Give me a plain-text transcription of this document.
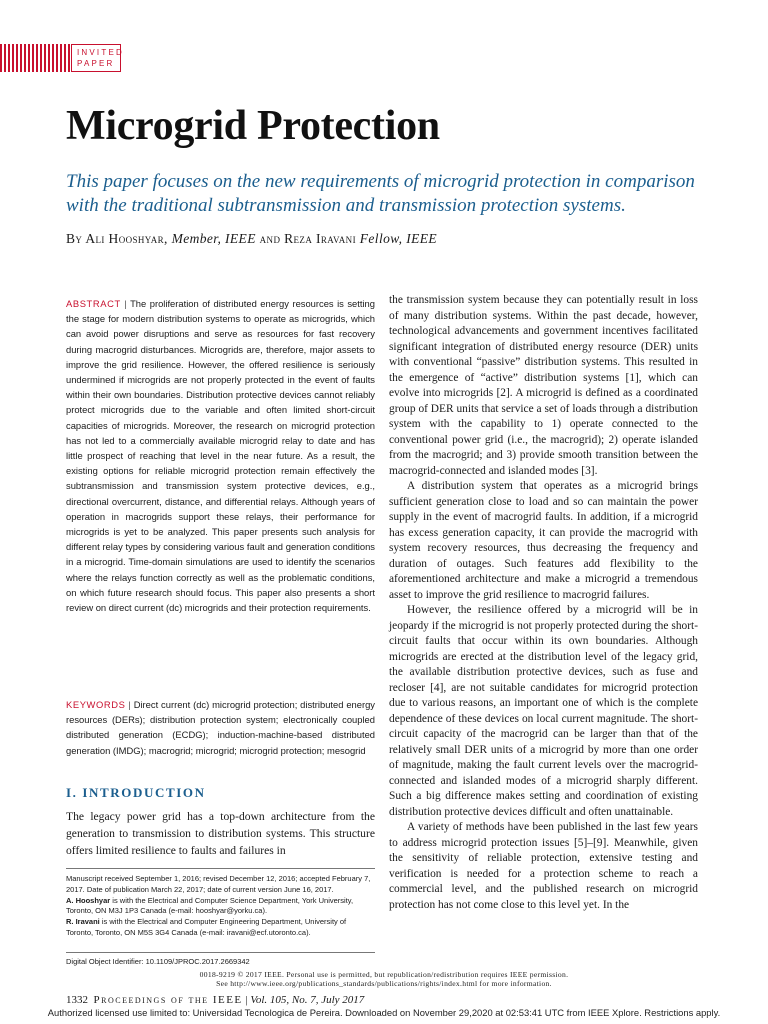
INVITED
PAPER
Microgrid Protection
This paper focuses on the new requirements of microgrid protection in comparison with the traditional subtransmission and transmission protection systems.
By Ali Hooshyar, Member, IEEE and Reza Iravani Fellow, IEEE
ABSTRACT | The proliferation of distributed energy resources is setting the stage for modern distribution systems to operate as microgrids, which can avoid power disruptions and serve as resources for fast recovery during macrogrid disturbances. Microgrids are, therefore, major assets to improve the grid resilience. However, the offered resilience is seriously undermined if microgrids are not properly protected in the event of faults within their own boundaries. Distribution protective devices cannot reliably protect microgrids due to the variable and often limited short-circuit capacities of microgrids. Moreover, the research on microgrid protection has not led to a commercially available microgrid relay to date and has little prospect of reaching that level in the near future. As a result, the existing options for reliable microgrid protection remain effectively the subtransmission and transmission system protective devices, e.g., directional overcurrent, distance, and differential relays. Although years of operation in macrogrids support these relays, their performance for microgrids is yet to be analyzed. This paper presents such analysis for different relay types by considering various fault and generation conditions in a microgrid. Time-domain simulations are used to identify the scenarios where the relays function correctly as well as the problematic conditions, on which future research should focus. This paper also presents a short review on direct current (dc) microgrids and their protection requirements.
KEYWORDS | Direct current (dc) microgrid protection; distributed energy resources (DERs); distribution protection system; electronically coupled distributed generation (ECDG); induction-machine-based distributed generation (IMDG); macrogrid; microgrid; microgrid protection; mesogrid
I. INTRODUCTION
The legacy power grid has a top-down architecture from the generation to transmission to distribution systems. This structure offers limited resilience to faults and failures in
Manuscript received September 1, 2016; revised December 12, 2016; accepted February 7, 2017. Date of publication March 22, 2017; date of current version June 16, 2017.
A. Hooshyar is with the Electrical and Computer Science Department, York University, Toronto, ON M3J 1P3 Canada (e-mail: hooshyar@yorku.ca).
R. Iravani is with the Electrical and Computer Engineering Department, University of Toronto, Toronto, ON M5S 3G4 Canada (e-mail: iravani@ecf.utoronto.ca).
Digital Object Identifier: 10.1109/JPROC.2017.2669342

the transmission system because they can potentially result in loss of many distribution systems. Within the past decade, however, technological advancements and government incentives facilitated significant integration of distributed energy resource (DER) units with conventional “passive” distribution systems. This resulted in the emergence of “active” distribution systems [1], which can evolve into microgrids [2]. A microgrid is defined as a coordinated group of DER units that service a set of loads through a distribution system with the capability to 1) operate connected to the conventional power grid (i.e., the macrogrid); 2) operate islanded from the macrogrid; and 3) provide smooth transition between the macrogrid-connected and islanded modes [3].

A distribution system that operates as a microgrid brings sufficient generation close to load and so can maintain the power supply in the event of macrogrid faults. In addition, if a microgrid has excess generation capacity, it can provide the macrogrid with system recovery resources, thus decreasing the frequency and duration of outages. Such features add flexibility to the aforementioned architecture and make a microgrid a tremendous asset to improve the grid resilience to macrogrid failures.

However, the resilience offered by a microgrid will be in jeopardy if the microgrid is not properly protected during the short-circuit faults that occur within its own boundaries. Although microgrids are erected at the distribution level of the legacy grid, the available distribution protective devices, such as fuse and recloser [4], are not suitable candidates for microgrid protection due to various reasons, an important one of which is the complete dependence of these devices on local current magnitude. The short-circuit capacity of the macrogrid can be larger than that of the relatively small DER units of a microgrid by more than one order of magnitude, making the fault current levels over the macrogrid-connected and islanded modes of a microgrid sharply different. Such a big difference makes setting and coordination of existing distribution protective devices difficult and often unattainable.

A variety of methods have been published in the last few years to address microgrid protection issues [5]–[9]. Meanwhile, given the sensitivity of reliable protection, extensive testing and verification is needed for a protection scheme to reach a commercial level, and the published research on microgrid protection has not come close to this level yet. In the

0018-9219 © 2017 IEEE. Personal use is permitted, but republication/redistribution requires IEEE permission.
See http://www.ieee.org/publications_standards/publications/rights/index.html for more information.
1332 Proceedings of the IEEE | Vol. 105, No. 7, July 2017
Authorized licensed use limited to: Universidad Tecnologica de Pereira. Downloaded on November 29,2020 at 02:53:41 UTC from IEEE Xplore. Restrictions apply.
